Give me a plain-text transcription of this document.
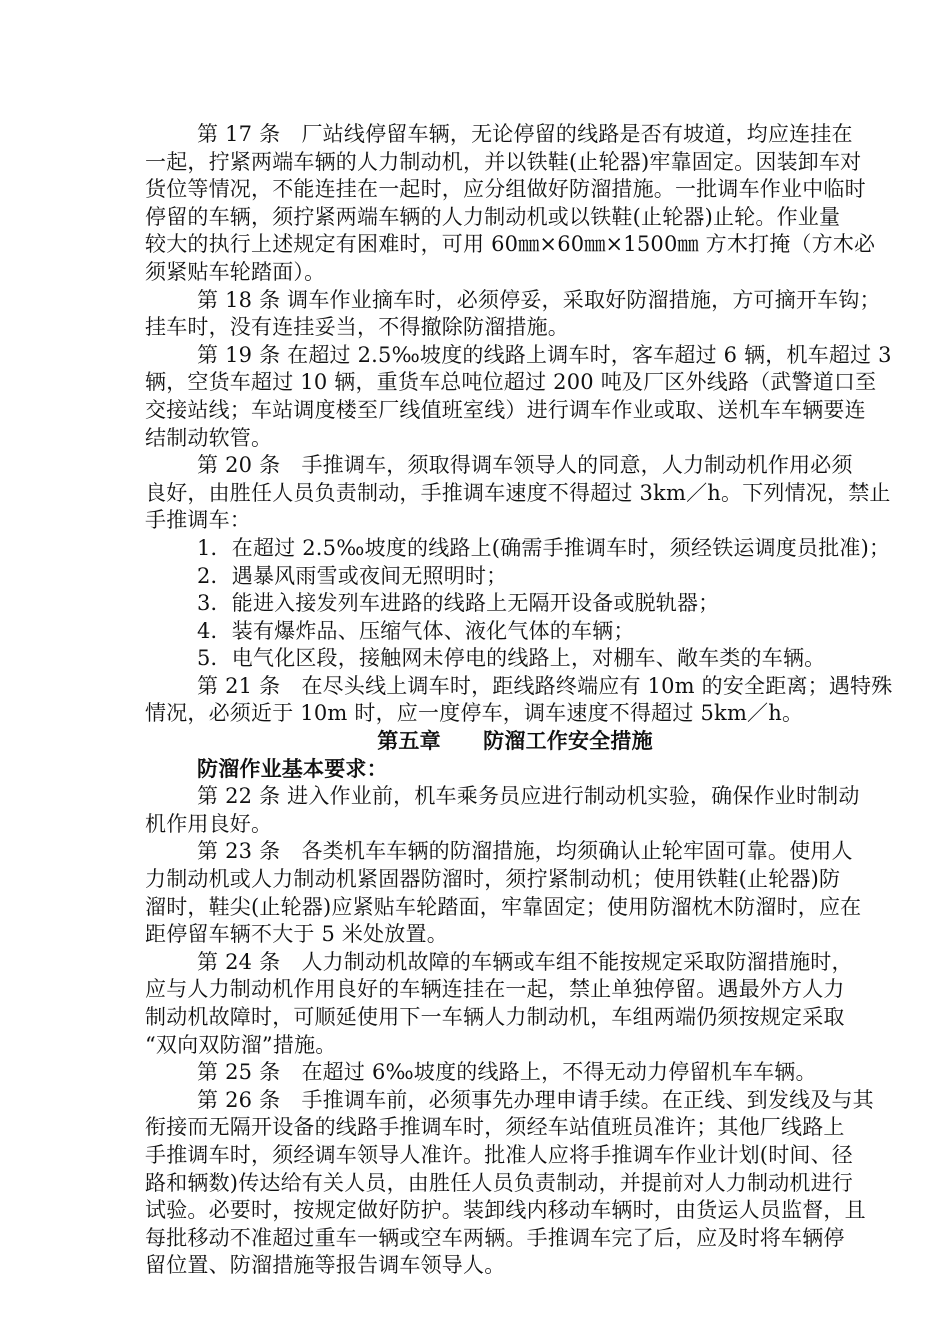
第 17 条　厂站线停留车辆，无论停留的线路是否有坡道，均应连挂在
一起，拧紧两端车辆的人力制动机，并以铁鞋(止轮器)牢靠固定。因装卸车对
货位等情况，不能连挂在一起时，应分组做好防溜措施。一批调车作业中临时
停留的车辆，须拧紧两端车辆的人力制动机或以铁鞋(止轮器)止轮。作业量
较大的执行上述规定有困难时，可用 60㎜×60㎜×1500㎜ 方木打掩（方木必
须紧贴车轮踏面）。
第 18 条 调车作业摘车时，必须停妥，采取好防溜措施，方可摘开车钩；
挂车时，没有连挂妥当，不得撤除防溜措施。
第 19 条 在超过 2.5‰坡度的线路上调车时，客车超过 6 辆，机车超过 3
辆，空货车超过 10 辆，重货车总吨位超过 200 吨及厂区外线路（武警道口至
交接站线；车站调度楼至厂线值班室线）进行调车作业或取、送机车车辆要连
结制动软管。
第 20 条　手推调车，须取得调车领导人的同意，人力制动机作用必须
良好，由胜任人员负责制动，手推调车速度不得超过 3km／h。下列情况，禁止
手推调车：
1．在超过 2.5‰坡度的线路上(确需手推调车时，须经铁运调度员批准)；
2．遇暴风雨雪或夜间无照明时；
3．能进入接发列车进路的线路上无隔开设备或脱轨器；
4．装有爆炸品、压缩气体、液化气体的车辆；
5．电气化区段，接触网未停电的线路上，对棚车、敞车类的车辆。
第 21 条　在尽头线上调车时，距线路终端应有 10m 的安全距离；遇特殊
情况，必须近于 10m 时，应一度停车，调车速度不得超过 5km／h。
第五章　　防溜工作安全措施
防溜作业基本要求：
第 22 条 进入作业前，机车乘务员应进行制动机实验，确保作业时制动
机作用良好。
第 23 条　各类机车车辆的防溜措施，均须确认止轮牢固可靠。使用人
力制动机或人力制动机紧固器防溜时，须拧紧制动机；使用铁鞋(止轮器)防
溜时，鞋尖(止轮器)应紧贴车轮踏面，牢靠固定；使用防溜枕木防溜时，应在
距停留车辆不大于 5 米处放置。
第 24 条　人力制动机故障的车辆或车组不能按规定采取防溜措施时，
应与人力制动机作用良好的车辆连挂在一起，禁止单独停留。遇最外方人力
制动机故障时，可顺延使用下一车辆人力制动机，车组两端仍须按规定采取
“双向双防溜”措施。
第 25 条　在超过 6‰坡度的线路上，不得无动力停留机车车辆。
第 26 条　手推调车前，必须事先办理申请手续。在正线、到发线及与其
衔接而无隔开设备的线路手推调车时，须经车站值班员准许；其他厂线路上
手推调车时，须经调车领导人准许。批准人应将手推调车作业计划(时间、径
路和辆数)传达给有关人员，由胜任人员负责制动，并提前对人力制动机进行
试验。必要时，按规定做好防护。装卸线内移动车辆时，由货运人员监督，且
每批移动不准超过重车一辆或空车两辆。手推调车完了后，应及时将车辆停
留位置、防溜措施等报告调车领导人。
